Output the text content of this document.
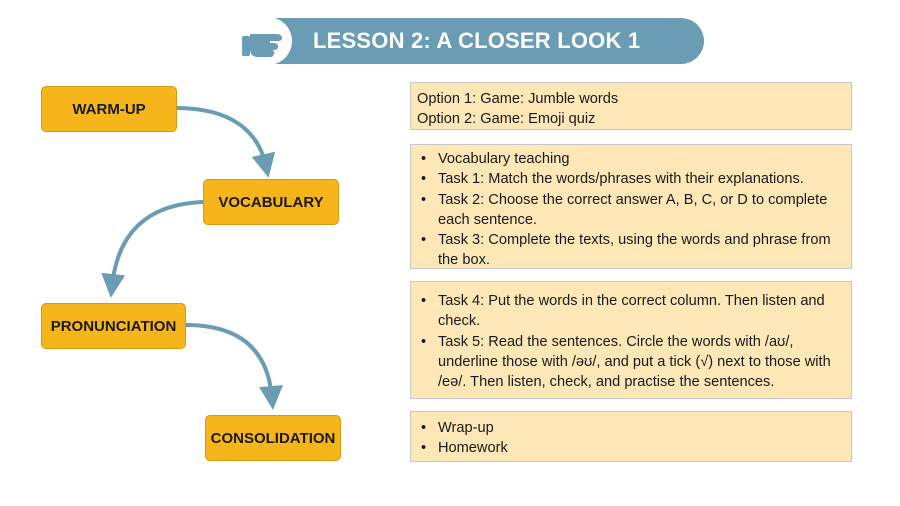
LESSON 2: A CLOSER LOOK 1
WARM-UP
VOCABULARY
PRONUNCIATION
CONSOLIDATION
Option 1: Game: Jumble words
Option 2: Game: Emoji quiz
• Vocabulary teaching
• Task 1: Match the words/phrases with their explanations.
• Task 2: Choose the correct answer A, B, C, or D to complete each sentence.
• Task 3: Complete the texts, using the words and phrase from the box.
• Task 4: Put the words in the correct column. Then listen and check.
• Task 5: Read the sentences. Circle the words with /aʊ/, underline those with /əʊ/, and put a tick (√) next to those with /eə/. Then listen, check, and practise the sentences.
• Wrap-up
• Homework
